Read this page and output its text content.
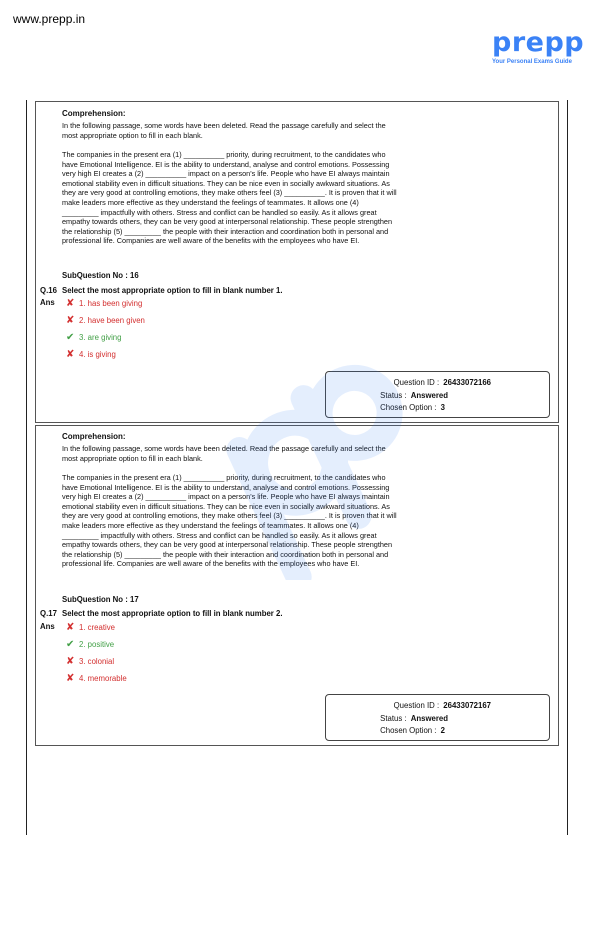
www.prepp.in
prepp
Your Personal Exams Guide
Comprehension:

In the following passage, some words have been deleted. Read the passage carefully and select the most appropriate option to fill in each blank.

The companies in the present era (1) __________ priority, during recruitment, to the candidates who have Emotional Intelligence. EI is the ability to understand, analyse and control emotions. Possessing very high EI creates a (2) __________ impact on a person's life. People who have EI always maintain emotional stability even in difficult situations. They can be nice even in socially awkward situations. As they are very good at controlling emotions, they make others feel (3) __________. It is proven that it will make leaders more effective as they understand the feelings of teammates. It allows one (4) _________ impactfully with others. Stress and conflict can be handled so easily. As it allows great empathy towards others, they can be very good at interpersonal relationship. These people strengthen the relationship (5) _________ the people with their interaction and coordination both in personal and professional life. Companies are well aware of the benefits with the employees who have EI.

SubQuestion No : 16
Q.16 Select the most appropriate option to fill in blank number 1.
Ans ✘ 1. has been giving
✘ 2. have been given
✔ 3. are giving
✘ 4. is giving
Question ID : 26433072166
Status : Answered
Chosen Option : 3
Comprehension:

In the following passage, some words have been deleted. Read the passage carefully and select the most appropriate option to fill in each blank.

The companies in the present era (1) __________ priority, during recruitment, to the candidates who have Emotional Intelligence. EI is the ability to understand, analyse and control emotions. Possessing very high EI creates a (2) __________ impact on a person's life. People who have EI always maintain emotional stability even in difficult situations. They can be nice even in socially awkward situations. As they are very good at controlling emotions, they make others feel (3) __________. It is proven that it will make leaders more effective as they understand the feelings of teammates. It allows one (4) _________ impactfully with others. Stress and conflict can be handled so easily. As it allows great empathy towards others, they can be very good at interpersonal relationship. These people strengthen the relationship (5) _________ the people with their interaction and coordination both in personal and professional life. Companies are well aware of the benefits with the employees who have EI.

SubQuestion No : 17
Q.17 Select the most appropriate option to fill in blank number 2.
Ans ✘ 1. creative
✔ 2. positive
✘ 3. colonial
✘ 4. memorable
Question ID : 26433072167
Status : Answered
Chosen Option : 2
